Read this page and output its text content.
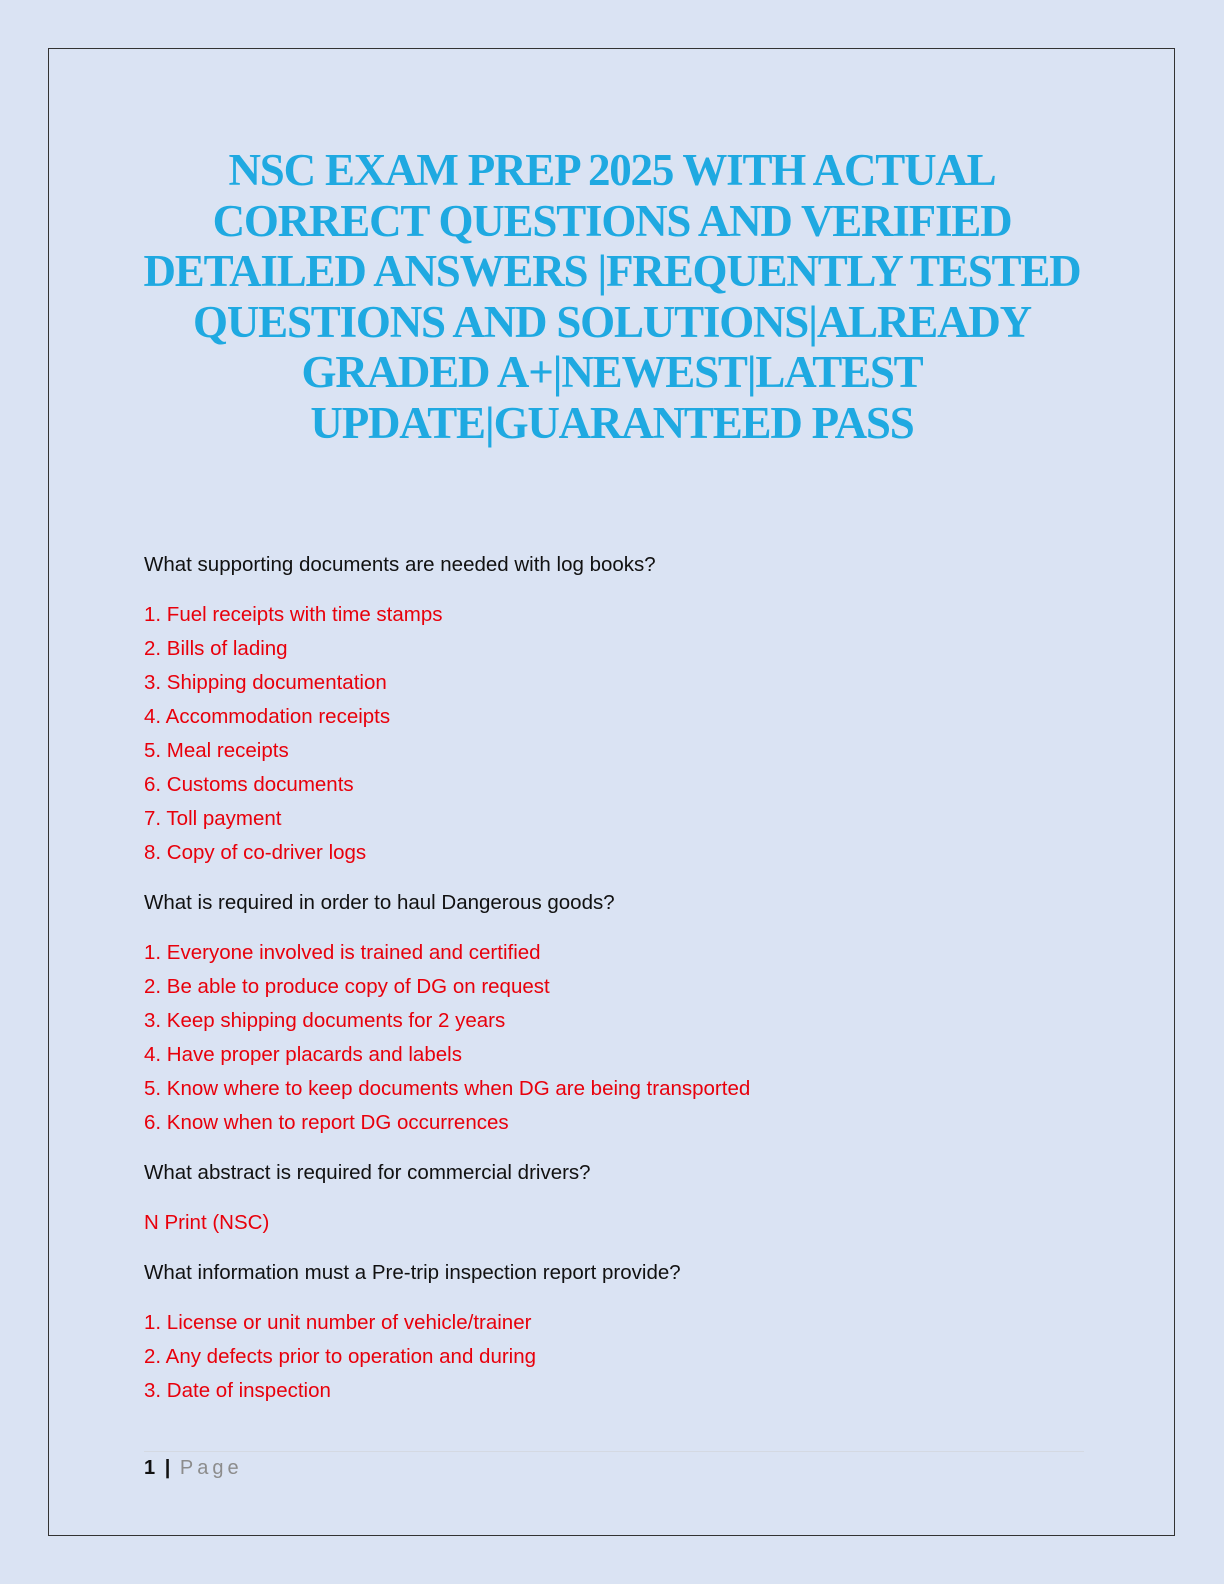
NSC EXAM PREP 2025 WITH ACTUAL CORRECT QUESTIONS AND VERIFIED DETAILED ANSWERS |FREQUENTLY TESTED QUESTIONS AND SOLUTIONS|ALREADY GRADED A+|NEWEST|LATEST UPDATE|GUARANTEED PASS

What supporting documents are needed with log books?

1. Fuel receipts with time stamps
2. Bills of lading
3. Shipping documentation
4. Accommodation receipts
5. Meal receipts
6. Customs documents
7. Toll payment
8. Copy of co-driver logs

What is required in order to haul Dangerous goods?

1. Everyone involved is trained and certified
2. Be able to produce copy of DG on request
3. Keep shipping documents for 2 years
4. Have proper placards and labels
5. Know where to keep documents when DG are being transported
6. Know when to report DG occurrences

What abstract is required for commercial drivers?

N Print (NSC)

What information must a Pre-trip inspection report provide?

1. License or unit number of vehicle/trainer
2. Any defects prior to operation and during
3. Date of inspection
1 | Page
